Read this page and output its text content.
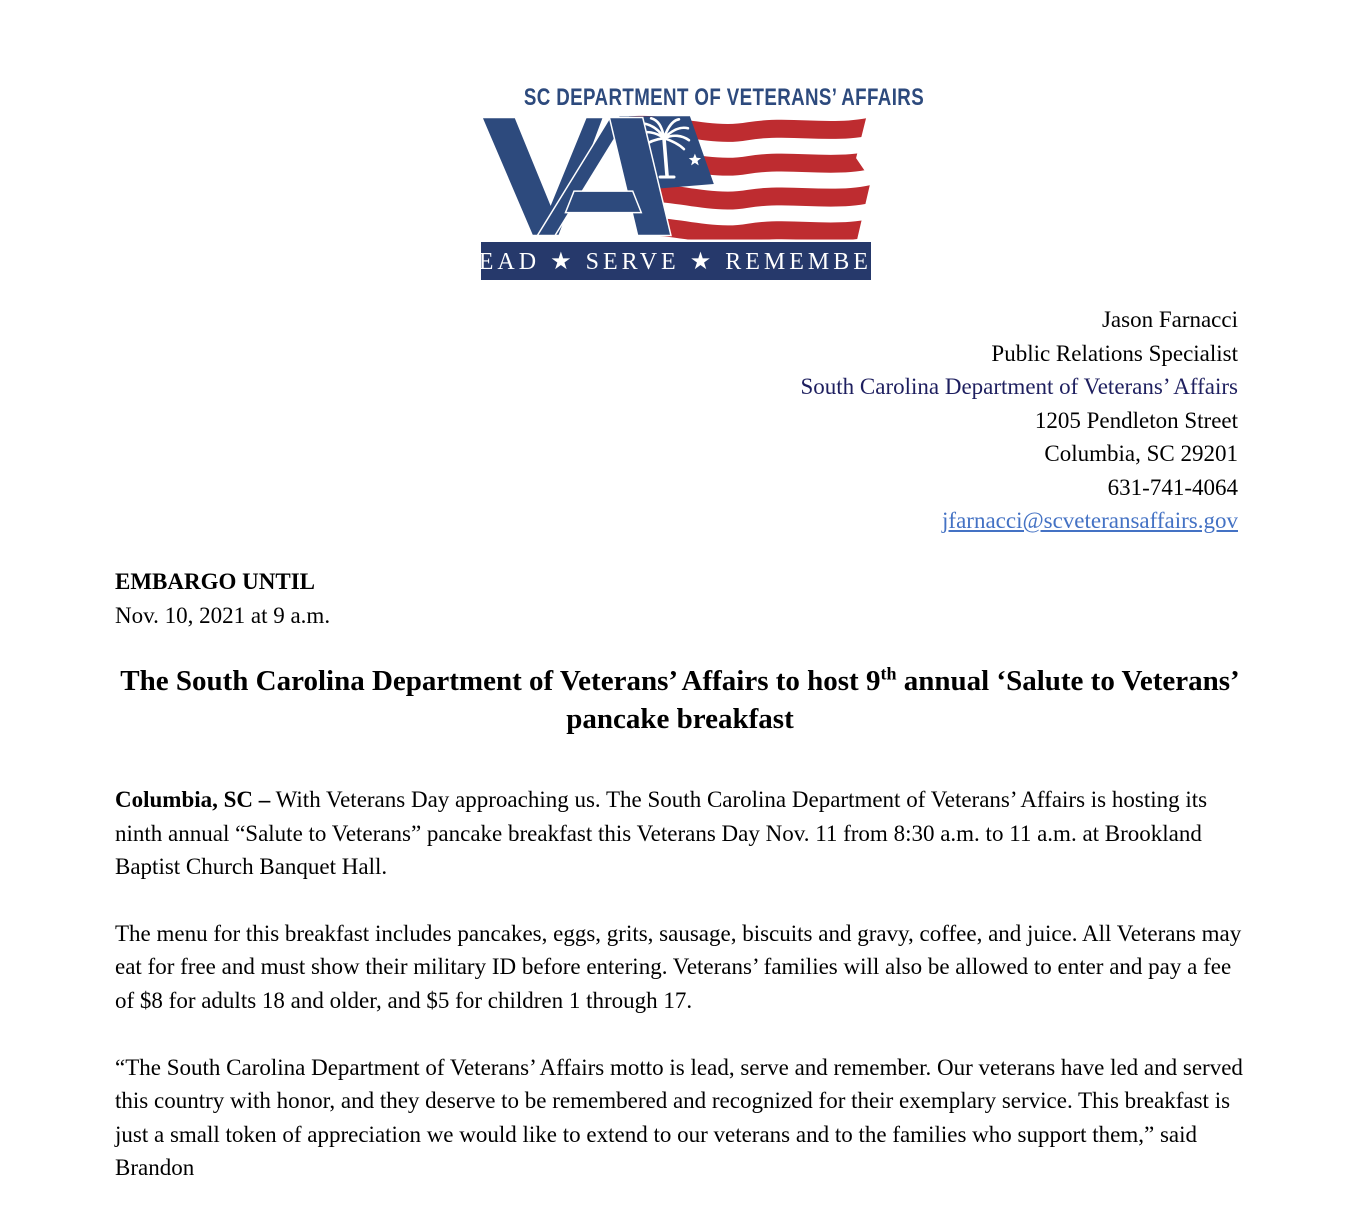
SC DEPARTMENT OF VETERANS’ AFFAIRS
LEAD ★ SERVE ★ REMEMBER
Jason Farnacci
Public Relations Specialist
South Carolina Department of Veterans’ Affairs
1205 Pendleton Street
Columbia, SC 29201
631-741-4064
jfarnacci@scveteransaffairs.gov
EMBARGO UNTIL
Nov. 10, 2021 at 9 a.m.
The South Carolina Department of Veterans’ Affairs to host 9th annual ‘Salute to Veterans’ pancake breakfast

Columbia, SC – With Veterans Day approaching us. The South Carolina Department of Veterans’ Affairs is hosting its ninth annual “Salute to Veterans” pancake breakfast this Veterans Day Nov. 11 from 8:30 a.m. to 11 a.m. at Brookland Baptist Church Banquet Hall.

The menu for this breakfast includes pancakes, eggs, grits, sausage, biscuits and gravy, coffee, and juice. All Veterans may eat for free and must show their military ID before entering. Veterans’ families will also be allowed to enter and pay a fee of $8 for adults 18 and older, and $5 for children 1 through 17.

“The South Carolina Department of Veterans’ Affairs motto is lead, serve and remember. Our veterans have led and served this country with honor, and they deserve to be remembered and recognized for their exemplary service. This breakfast is just a small token of appreciation we would like to extend to our veterans and to the families who support them,” said Brandon
